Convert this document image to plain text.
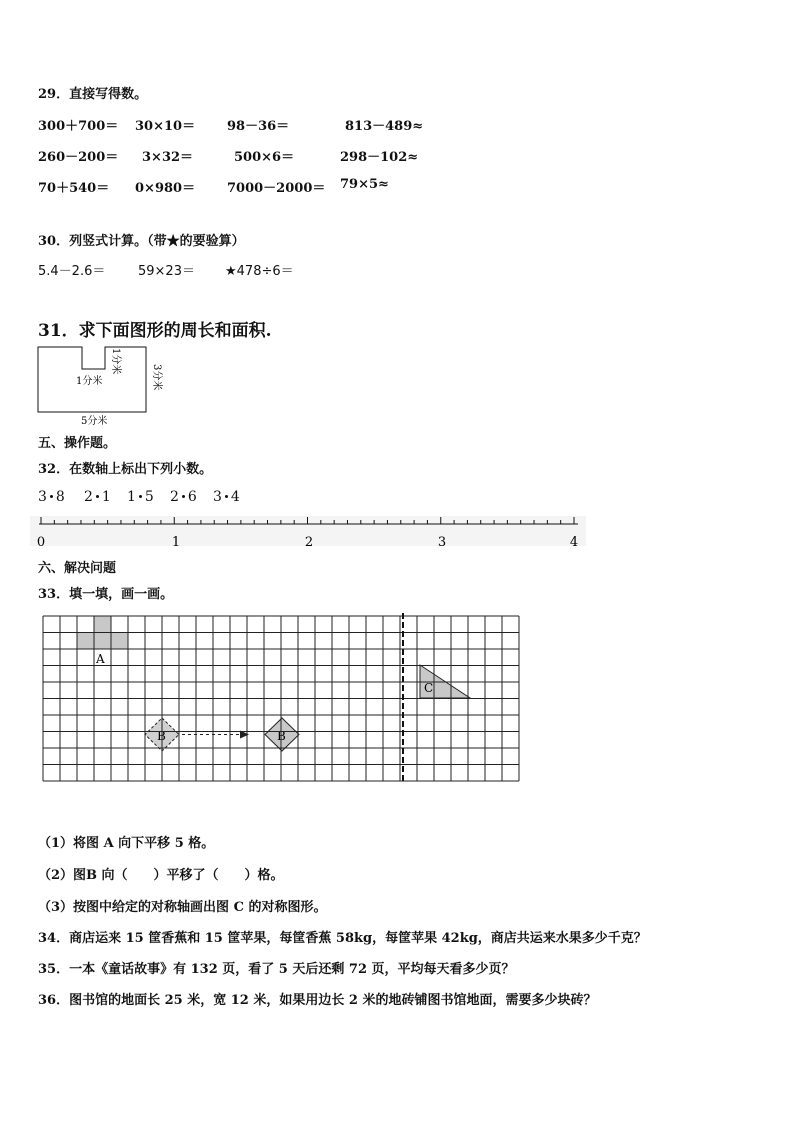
29．直接写得数。
300＋700＝ 30×10＝ 98－36＝	813－489≈
260－200＝ 3×32＝	500×6＝	298－102≈
70＋540＝ 0×980＝ 7000－2000＝ 79×5≈
30．列竖式计算。（带★的要验算）
5.4－2.6＝	59×23＝ ★478÷6＝
31．求下面图形的周长和面积.
1分米
1分米
3分米
5分米
五、操作题。
32．在数轴上标出下列小数。
3 8 2 1 1 5 2 6 3 4
0	1	2	3	4
六、解决问题
33．填一填，画一画。
A
C
B	B
（1）将图 A 向下平移 5 格。
（2）图B 向（　　）平移了（　　）格。
（3）按图中给定的对称轴画出图 C 的对称图形。
34．商店运来 15 筐香蕉和 15 筐苹果，每筐香蕉 58kg，每筐苹果 42kg，商店共运来水果多少千克？
35．一本《童话故事》有 132 页，看了 5 天后还剩 72 页，平均每天看多少页？
36．图书馆的地面长 25 米，宽 12 米，如果用边长 2 米的地砖铺图书馆地面，需要多少块砖？
